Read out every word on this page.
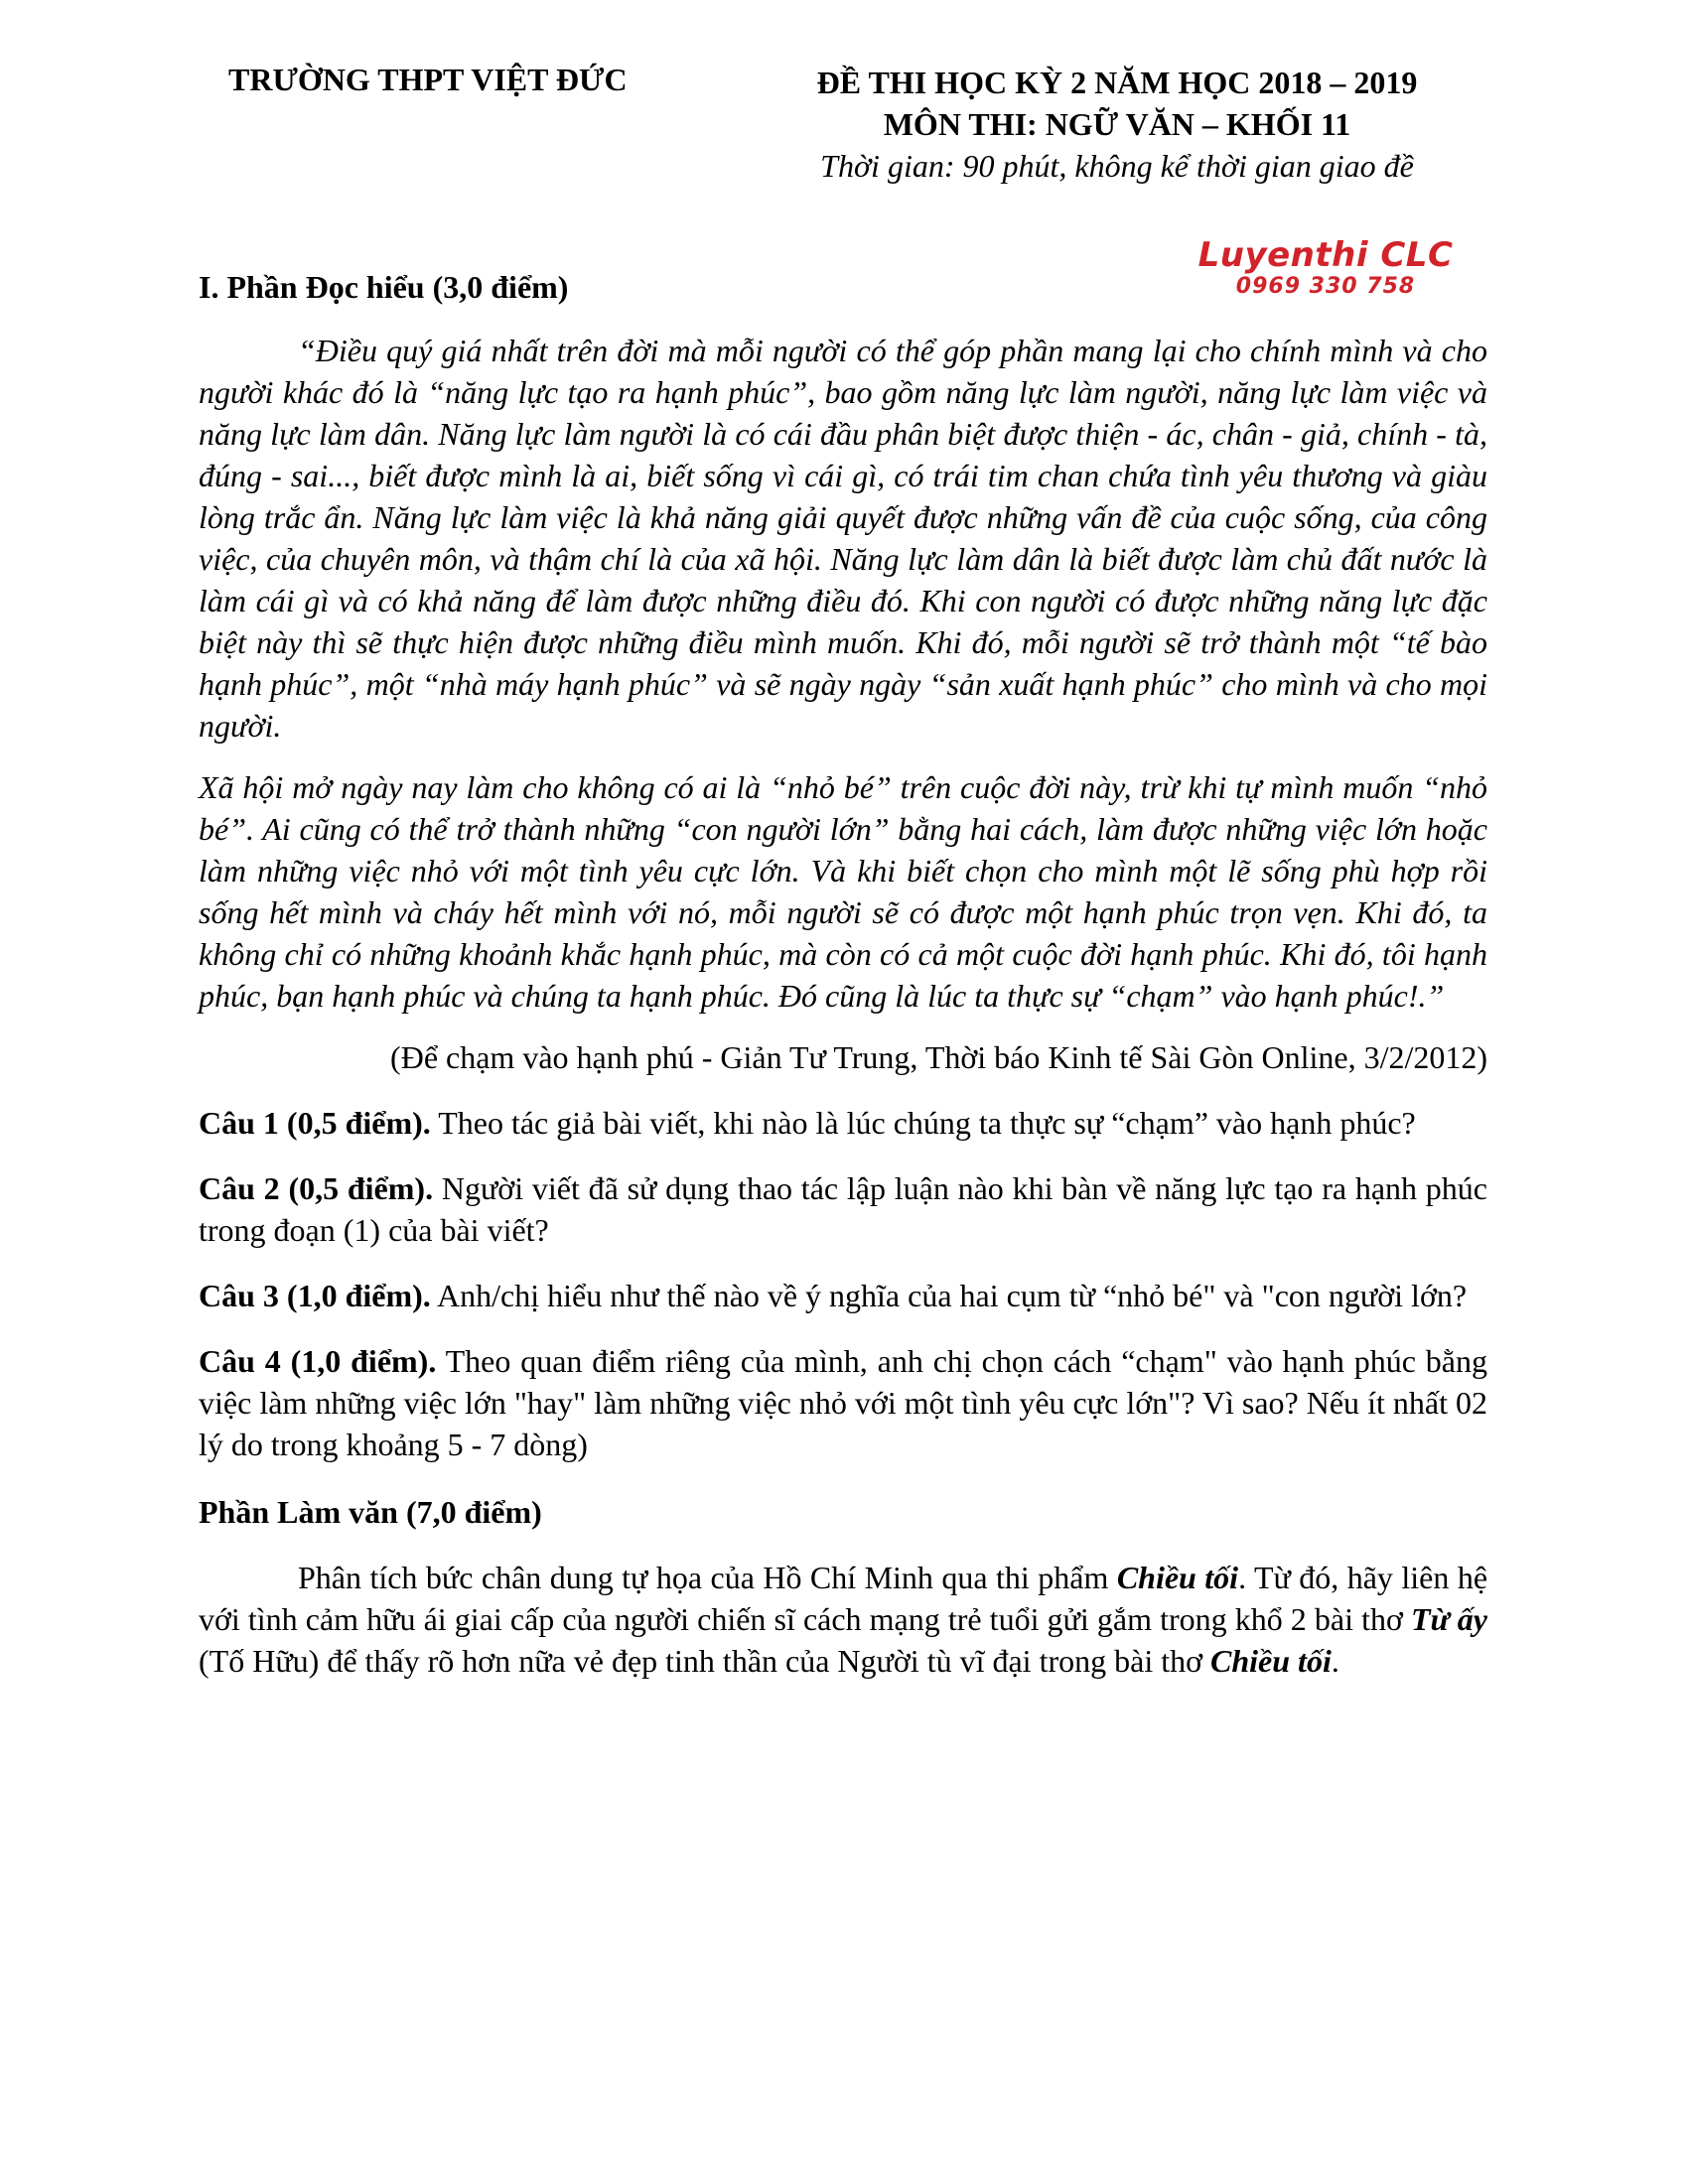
TRƯỜNG THPT VIỆT ĐỨC	ĐỀ THI HỌC KỲ 2 NĂM HỌC 2018 – 2019
MÔN THI: NGỮ VĂN – KHỐI 11
Thời gian: 90 phút, không kể thời gian giao đề
Luyenthi CLC
0969 330 758
I. Phần Đọc hiểu (3,0 điểm)

“Điều quý giá nhất trên đời mà mỗi người có thể góp phần mang lại cho chính mình và cho người khác đó là “năng lực tạo ra hạnh phúc”, bao gồm năng lực làm người, năng lực làm việc và năng lực làm dân. Năng lực làm người là có cái đầu phân biệt được thiện - ác, chân - giả, chính - tà, đúng - sai..., biết được mình là ai, biết sống vì cái gì, có trái tim chan chứa tình yêu thương và giàu lòng trắc ẩn. Năng lực làm việc là khả năng giải quyết được những vấn đề của cuộc sống, của công việc, của chuyên môn, và thậm chí là của xã hội. Năng lực làm dân là biết được làm chủ đất nước là làm cái gì và có khả năng để làm được những điều đó. Khi con người có được những năng lực đặc biệt này thì sẽ thực hiện được những điều mình muốn. Khi đó, mỗi người sẽ trở thành một “tế bào hạnh phúc”, một “nhà máy hạnh phúc” và sẽ ngày ngày “sản xuất hạnh phúc” cho mình và cho mọi người.

Xã hội mở ngày nay làm cho không có ai là “nhỏ bé” trên cuộc đời này, trừ khi tự mình muốn “nhỏ bé”. Ai cũng có thể trở thành những “con người lớn” bằng hai cách, làm được những việc lớn hoặc làm những việc nhỏ với một tình yêu cực lớn. Và khi biết chọn cho mình một lẽ sống phù hợp rồi sống hết mình và cháy hết mình với nó, mỗi người sẽ có được một hạnh phúc trọn vẹn. Khi đó, ta không chỉ có những khoảnh khắc hạnh phúc, mà còn có cả một cuộc đời hạnh phúc. Khi đó, tôi hạnh phúc, bạn hạnh phúc và chúng ta hạnh phúc. Đó cũng là lúc ta thực sự “chạm” vào hạnh phúc!.”

(Để chạm vào hạnh phú - Giản Tư Trung, Thời báo Kinh tế Sài Gòn Online, 3/2/2012)
Câu 1 (0,5 điểm). Theo tác giả bài viết, khi nào là lúc chúng ta thực sự “chạm” vào hạnh phúc?
Câu 2 (0,5 điểm). Người viết đã sử dụng thao tác lập luận nào khi bàn về năng lực tạo ra hạnh phúc trong đoạn (1) của bài viết?
Câu 3 (1,0 điểm). Anh/chị hiểu như thế nào về ý nghĩa của hai cụm từ “nhỏ bé" và "con người lớn?
Câu 4 (1,0 điểm). Theo quan điểm riêng của mình, anh chị chọn cách “chạm" vào hạnh phúc bằng việc làm những việc lớn "hay" làm những việc nhỏ với một tình yêu cực lớn"? Vì sao? Nếu ít nhất 02 lý do trong khoảng 5 - 7 dòng)
Phần Làm văn (7,0 điểm)

Phân tích bức chân dung tự họa của Hồ Chí Minh qua thi phẩm Chiều tối. Từ đó, hãy liên hệ với tình cảm hữu ái giai cấp của người chiến sĩ cách mạng trẻ tuổi gửi gắm trong khổ 2 bài thơ Từ ấy (Tố Hữu) để thấy rõ hơn nữa vẻ đẹp tinh thần của Người tù vĩ đại trong bài thơ Chiều tối.
